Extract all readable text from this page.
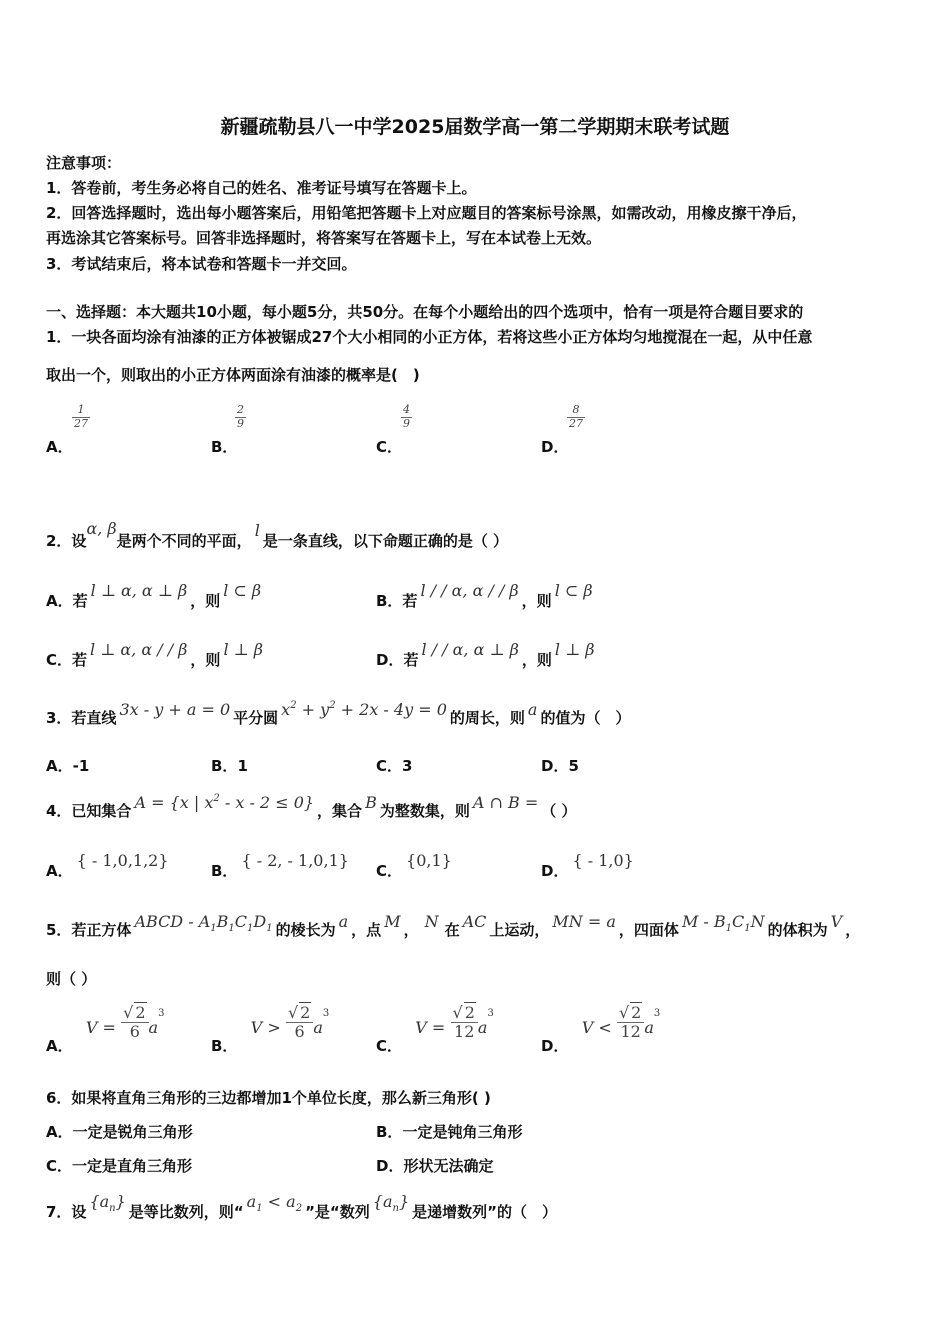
新疆疏勒县八一中学2025届数学高一第二学期期末联考试题
注意事项：
1．答卷前，考生务必将自己的姓名、准考证号填写在答题卡上。
2．回答选择题时，选出每小题答案后，用铅笔把答题卡上对应题目的答案标号涂黑，如需改动，用橡皮擦干净后，
再选涂其它答案标号。回答非选择题时，将答案写在答题卡上，写在本试卷上无效。
3．考试结束后，将本试卷和答题卡一并交回。
一、选择题：本大题共10小题，每小题5分，共50分。在每个小题给出的四个选项中，恰有一项是符合题目要求的
1．一块各面均涂有油漆的正方体被锯成27个大小相同的小正方体，若将这些小正方体均匀地搅混在一起，从中任意
取出一个，则取出的小正方体两面涂有油漆的概率是(　)
A．
$\frac{1}{27}$
B．
$\frac{2}{9}$
C．
$\frac{4}{9}$
D．
$\frac{8}{27}$
2．设α, β是两个不同的平面，l是一条直线，以下命题正确的是（ ）
A．若l ⊥ α, α ⊥ β，则l ⊂ β
B．若l / / α, α / / β，则l ⊂ β
C．若l ⊥ α, α / / β，则l ⊥ β
D．若l / / α, α ⊥ β，则l ⊥ β
3．若直线 3x - y + a = 0 平分圆 $x^2 + y^2 + 2x - 4y = 0$ 的周长，则 a 的值为（　）
A．-1	B．1	C．3	D．5
4．已知集合 A = {x | $x^2 - x - 2 \le 0$} ，集合 B 为整数集，则 A ∩ B = （ ）
A．{ - 1,0,1,2}
B．{ - 2, - 1,0,1}
C．{0,1}
D．{ - 1,0}
5．若正方体 ABCD - $A_1B_1C_1D_1$ 的棱长为 a ，点 M ， N 在 AC 上运动， MN = a ，四面体 M - $B_1C_1N$ 的体积为 V ，
则（ ）
A． $V = \frac{√ 2}{6} a^3$
B． $V > \frac{√ 2}{6} a^3$
C． $V = \frac{√ 2}{12} a^3$
D． $V < \frac{√ 2}{12} a^3$
6．如果将直角三角形的三边都增加1个单位长度，那么新三角形( )
A．一定是锐角三角形	B．一定是钝角三角形
C．一定是直角三角形	D．形状无法确定
7．设$\{a_n\}$是等比数列，则“$a_1 < a_2$ ”是“数列$\{a_n\}$是递增数列”的（　）
